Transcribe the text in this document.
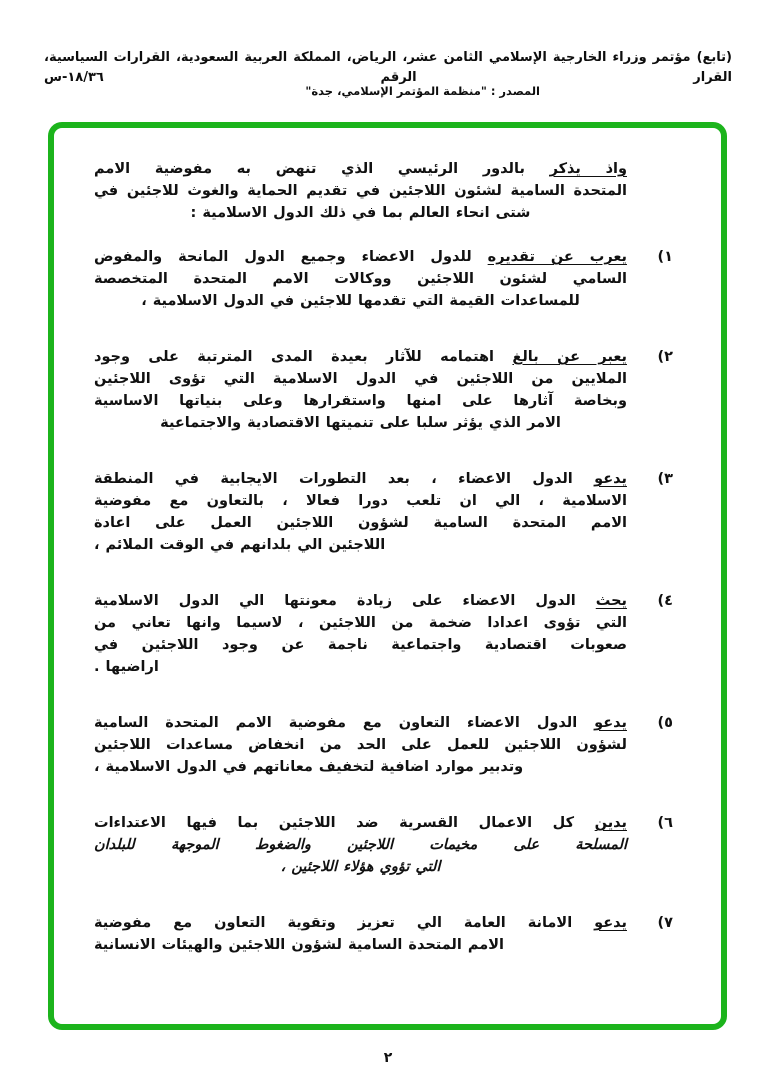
(تابع) مؤتمر وزراء الخارجية الإسلامي الثامن عشر، الرياض، المملكة العربية السعودية، القرارات السياسية، القرار الرقم ١٨/٣٦-س
المصدر : "منظمة المؤتمر الإسلامي، جدة"
واذ يذكر بالدور الرئيسي الذي تنهض به مفوضية الامم
المتحدة السامية لشئون اللاجئين في تقديم الحماية والغوث للاجئين في
شتى انحاء العالم بما في ذلك الدول الاسلامية :
١)
يعرب عن تقديره للدول الاعضاء وجميع الدول المانحة والمفوض
السامي لشئون اللاجئين ووكالات الامم المتحدة المتخصصة
للمساعدات القيمة التي تقدمها للاجئين في الدول الاسلامية ،
٢)
يعبر عن بالغ اهتمامه للآثار بعيدة المدى المترتبة على وجود
الملايين من اللاجئين في الدول الاسلامية التي تؤوى اللاجئين
وبخاصة آثارها على امنها واستقرارها وعلى بنياتها الاساسية
الامر الذي يؤثر سلبا على تنميتها الاقتصادية والاجتماعية
٣)
يدعو الدول الاعضاء ، بعد التطورات الايجابية في المنطقة
الاسلامية ، الي ان تلعب دورا فعالا ، بالتعاون مع مفوضية
الامم المتحدة السامية لشؤون اللاجئين العمل على اعادة
اللاجئين الي بلدانهم في الوقت الملائم ،
٤)
يحث الدول الاعضاء على زيادة معونتها الي الدول الاسلامية
التي تؤوى اعدادا ضخمة من اللاجئين ، لاسيما وانها تعاني من
صعوبات اقتصادية واجتماعية ناجمة عن وجود اللاجئين في
اراضيها .
٥)
يدعو الدول الاعضاء التعاون مع مفوضية الامم المتحدة السامية
لشؤون اللاجئين للعمل على الحد من انخفاض مساعدات اللاجئين
وتدبير موارد اضافية لتخفيف معاناتهم في الدول الاسلامية ،
٦)
يدين كل الاعمال القسرية ضد اللاجئين بما فيها الاعتداءات
المسلحة على مخيمات اللاجئين والضغوط الموجهة للبلدان
التي تؤوي هؤلاء اللاجئين ،
٧)
يدعو الامانة العامة الي تعزيز وتقوية التعاون مع مفوضية
الامم المتحدة السامية لشؤون اللاجئين والهيئات الانسانية
٢
